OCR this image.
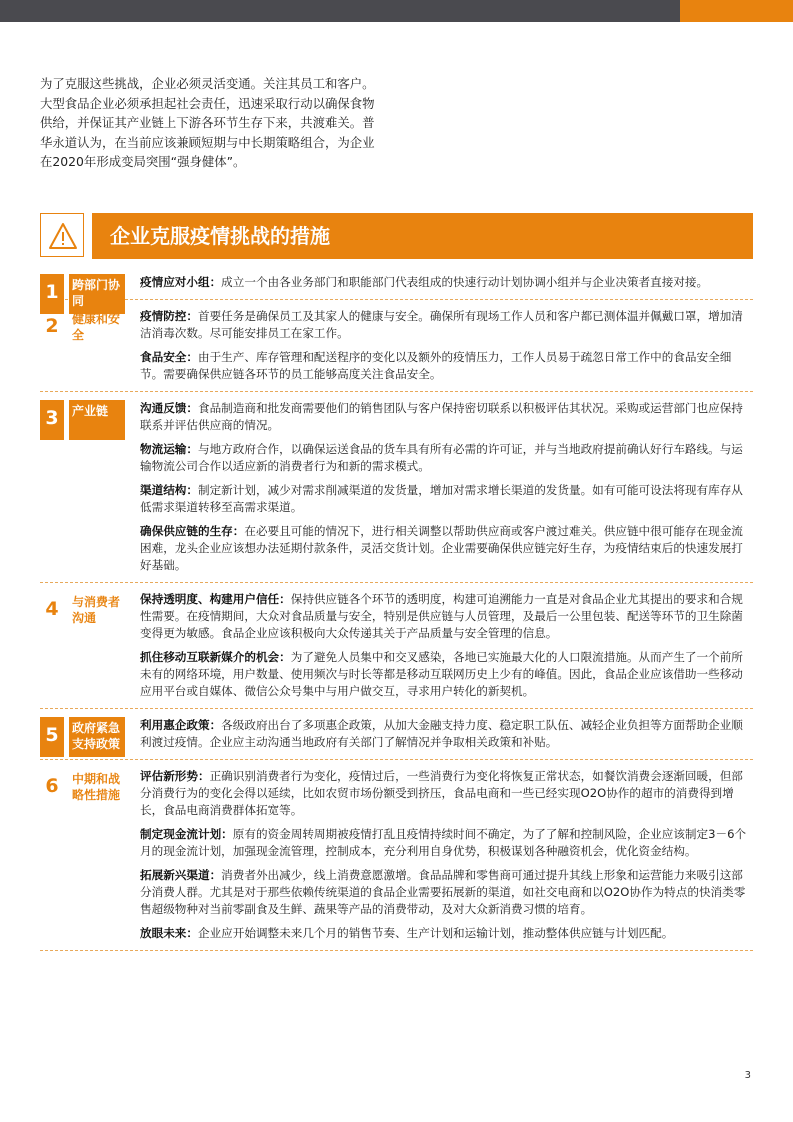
为了克服这些挑战，企业必须灵活变通。关注其员工和客户。大型食品企业必须承担起社会责任，迅速采取行动以确保食物供给，并保证其产业链上下游各环节生存下来，共渡难关。普华永道认为，在当前应该兼顾短期与中长期策略组合，为企业在2020年形成变局突围“强身健体”。

企业克服疫情挑战的措施
1	跨部门协同

疫情应对小组：成立一个由各业务部门和职能部门代表组成的快速行动计划协调小组并与企业决策者直接对接。

2	健康和安全

疫情防控：首要任务是确保员工及其家人的健康与安全。确保所有现场工作人员和客户都已测体温并佩戴口罩，增加清洁消毒次数。尽可能安排员工在家工作。

食品安全：由于生产、库存管理和配送程序的变化以及额外的疫情压力，工作人员易于疏忽日常工作中的食品安全细节。需要确保供应链各环节的员工能够高度关注食品安全。

3	产业链	沟通反馈：食品制造商和批发商需要他们的销售团队与客户保持密切联系以积极评估其状况。采购或运营部门也应保持联系并评估供应商的情况。

物流运输：与地方政府合作，以确保运送食品的货车具有所有必需的许可证，并与当地政府提前确认好行车路线。与运输物流公司合作以适应新的消费者行为和新的需求模式。

渠道结构：制定新计划，减少对需求削减渠道的发货量，增加对需求增长渠道的发货量。如有可能可设法将现有库存从低需求渠道转移至高需求渠道。

确保供应链的生存：在必要且可能的情况下，进行相关调整以帮助供应商或客户渡过难关。供应链中很可能存在现金流困难，龙头企业应该想办法延期付款条件，灵活交货计划。企业需要确保供应链完好生存，为疫情结束后的快速发展打好基础。

4	与消费者沟通

保持透明度、构建用户信任：保持供应链各个环节的透明度，构建可追溯能力一直是对食品企业尤其提出的要求和合规性需要。在疫情期间，大众对食品质量与安全，特别是供应链与人员管理，及最后一公里包装、配送等环节的卫生除菌变得更为敏感。食品企业应该积极向大众传递其关于产品质量与安全管理的信息。

抓住移动互联新媒介的机会：为了避免人员集中和交叉感染，各地已实施最大化的人口限流措施。从而产生了一个前所未有的网络环境，用户数量、使用频次与时长等都是移动互联网历史上少有的峰值。因此，食品企业应该借助一些移动应用平台或自媒体、微信公众号集中与用户做交互，寻求用户转化的新契机。

5	政府紧急支持政策

利用惠企政策：各级政府出台了多项惠企政策，从加大金融支持力度、稳定职工队伍、减轻企业负担等方面帮助企业顺利渡过疫情。企业应主动沟通当地政府有关部门了解情况并争取相关政策和补贴。

6	中期和战略性措施

评估新形势：正确识别消费者行为变化，疫情过后，一些消费行为变化将恢复正常状态，如餐饮消费会逐渐回暖，但部分消费行为的变化会得以延续，比如农贸市场份额受到挤压，食品电商和一些已经实现O2O协作的超市的消费得到增长，食品电商消费群体拓宽等。

制定现金流计划：原有的资金周转周期被疫情打乱且疫情持续时间不确定，为了了解和控制风险，企业应该制定3－6个月的现金流计划，加强现金流管理，控制成本，充分利用自身优势，积极谋划各种融资机会，优化资金结构。

拓展新兴渠道：消费者外出减少，线上消费意愿激增。食品品牌和零售商可通过提升其线上形象和运营能力来吸引这部分消费人群。尤其是对于那些依赖传统渠道的食品企业需要拓展新的渠道，如社交电商和以O2O协作为特点的快消类零售超级物种对当前零副食及生鲜、蔬果等产品的消费带动，及对大众新消费习惯的培育。

放眼未来：企业应开始调整未来几个月的销售节奏、生产计划和运输计划，推动整体供应链与计划匹配。

3
